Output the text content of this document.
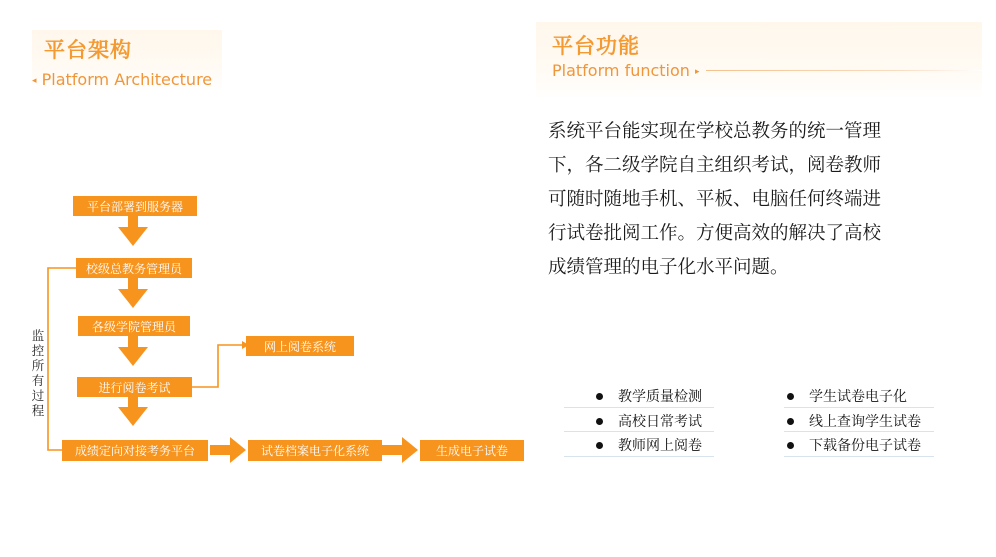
平台架构
◂ Platform Architecture
平台功能
Platform function ▸
平台部署到服务器
校级总教务管理员
各级学院管理员
进行阅卷考试
网上阅卷系统
成绩定向对接考务平台	试卷档案电子化系统	生成电子试卷
监控所有过程
系统平台能实现在学校总教务的统一管理下，各二级学院自主组织考试，阅卷教师可随时随地手机、平板、电脑任何终端进行试卷批阅工作。方便高效的解决了高校成绩管理的电子化水平问题。
教学质量检测
高校日常考试
教师网上阅卷
学生试卷电子化
线上查询学生试卷
下载备份电子试卷
